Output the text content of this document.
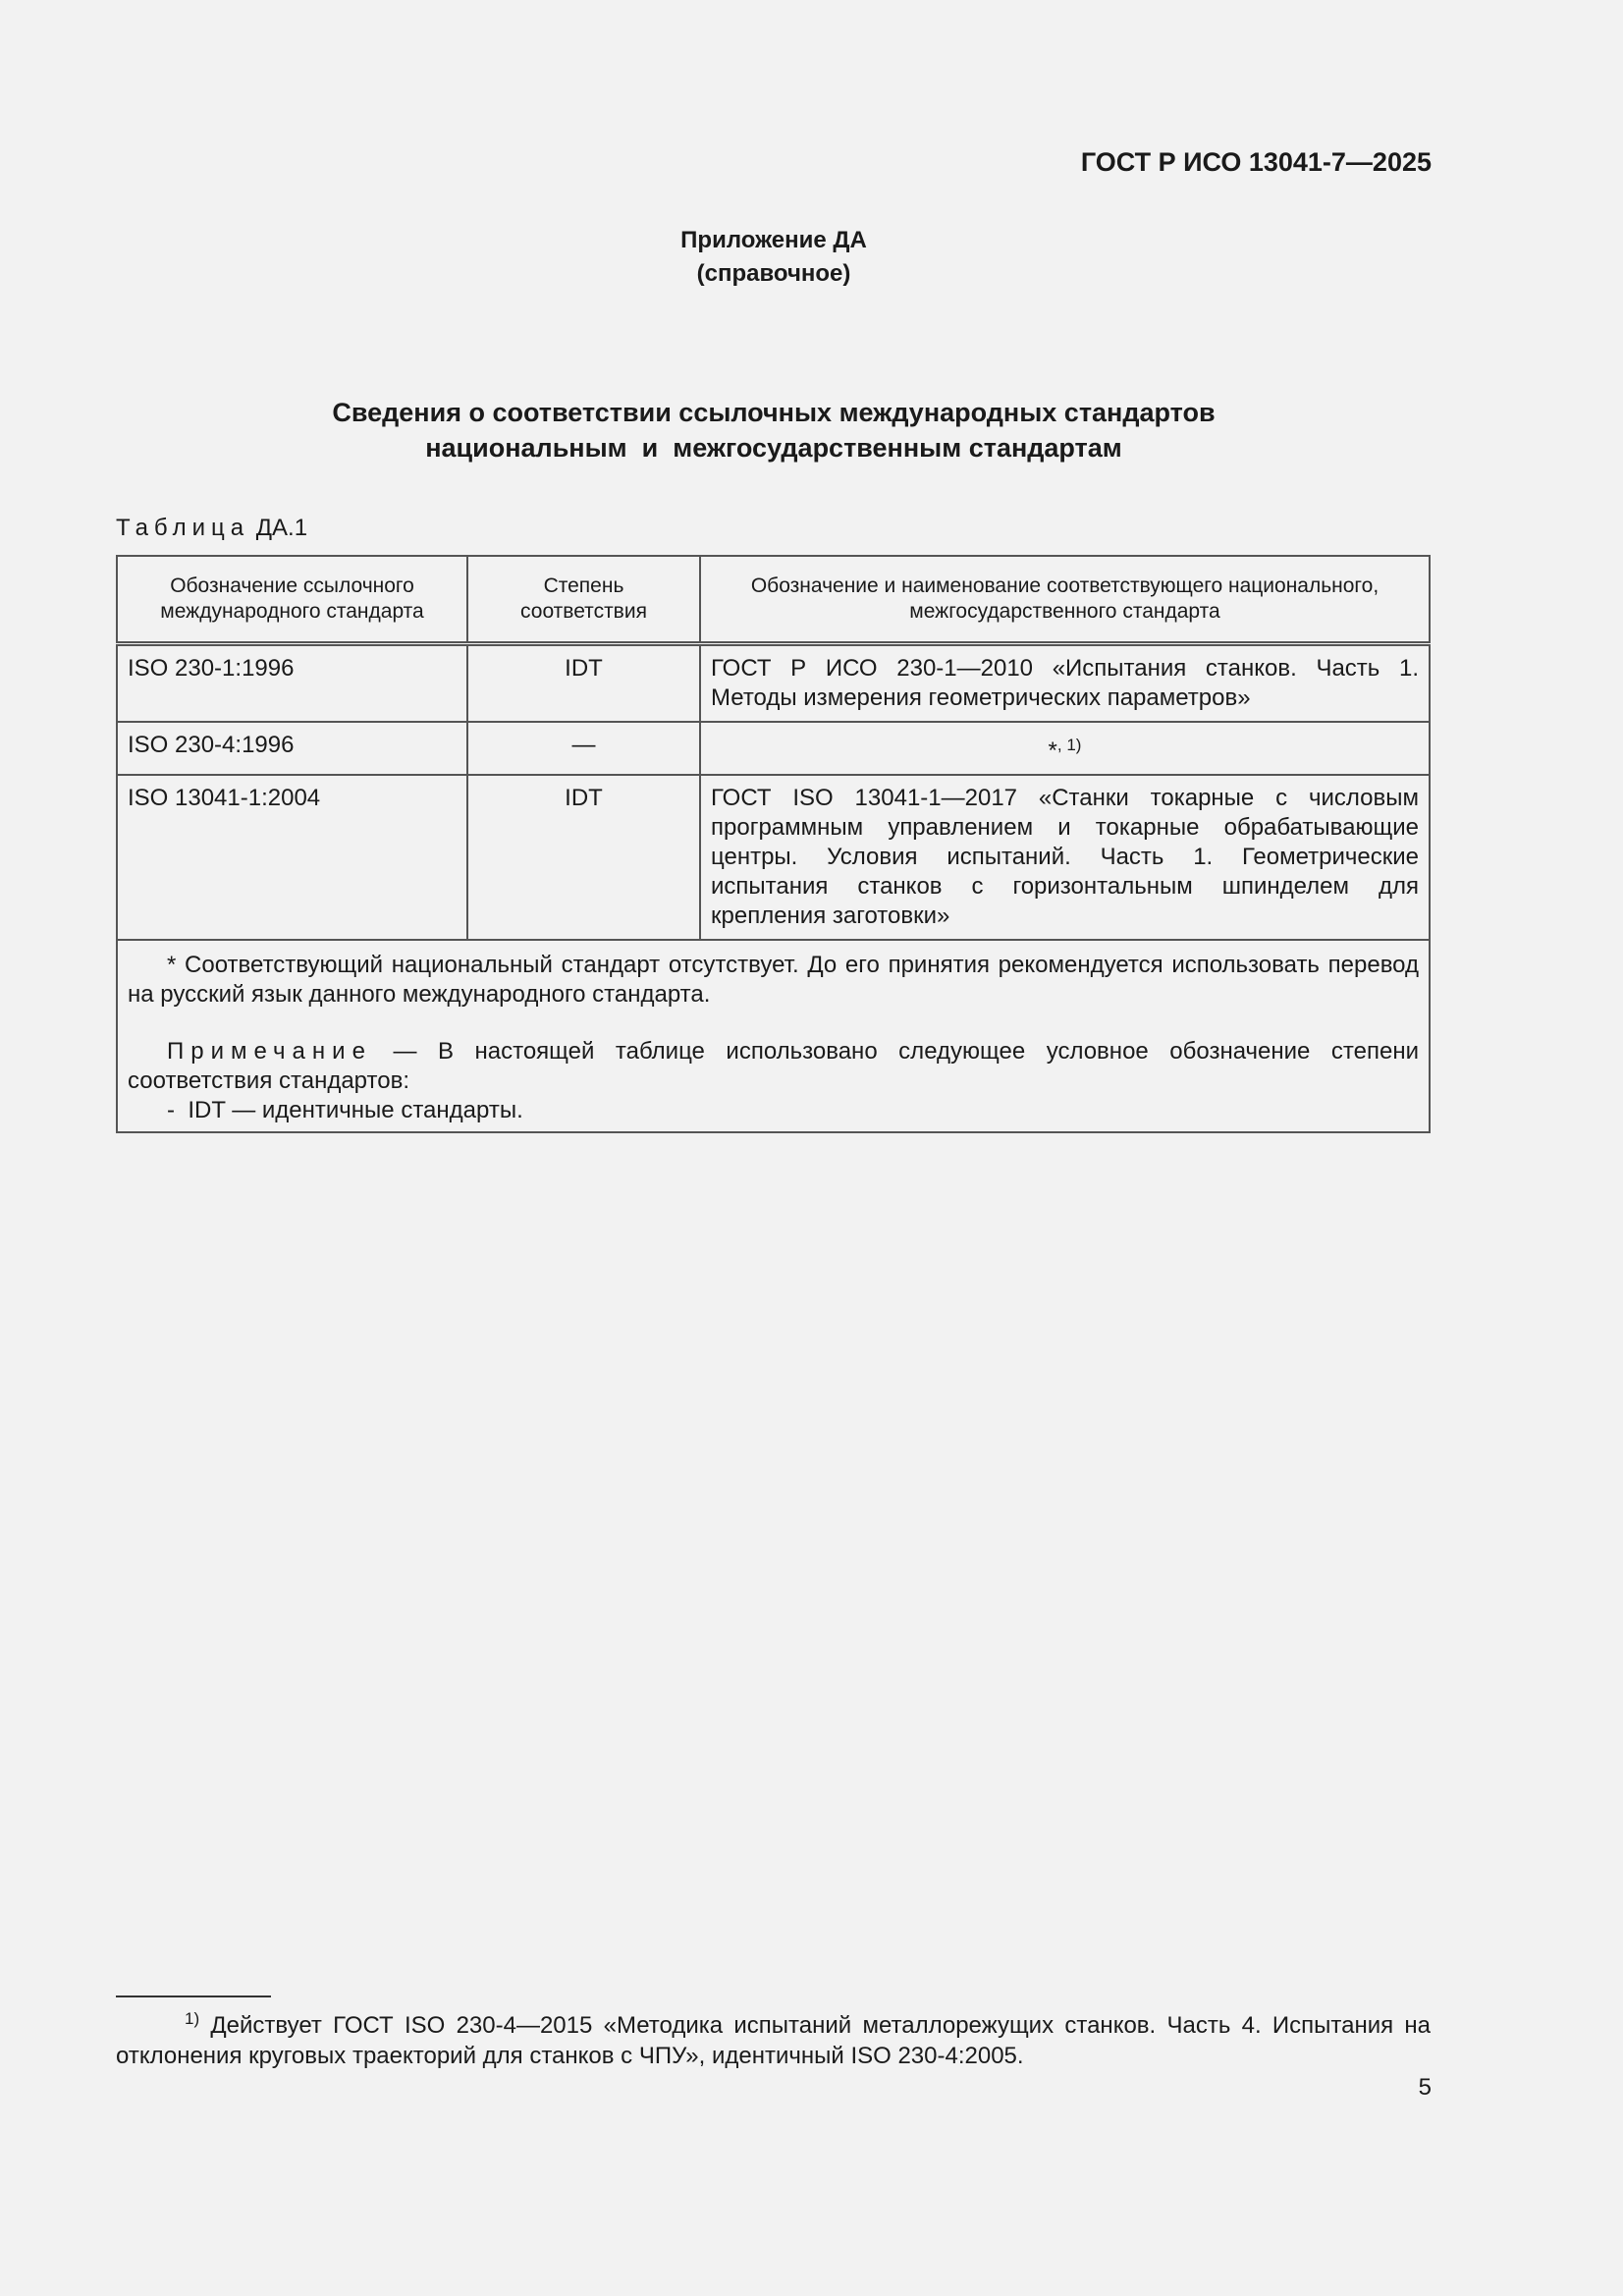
ГОСТ Р ИСО 13041-7—2025
Приложение ДА
(справочное)
Сведения о соответствии ссылочных международных стандартов
национальным  и  межгосударственным стандартам
Таблица ДА.1
Обозначение ссылочного международного стандарта	Степень соответствия	Обозначение и наименование соответствующего национального, межгосударственного стандарта
ISO 230-1:1996	IDT	ГОСТ Р ИСО 230-1—2010 «Испытания станков. Часть 1. Методы измерения геометрических параметров»
ISO 230-4:1996	—	*$^{, 1)}$
ISO 13041-1:2004	IDT	ГОСТ ISO 13041-1—2017 «Станки токарные с числовым программным управлением и токарные обрабатывающие центры. Условия испытаний. Часть 1. Геометрические испытания станков с горизонтальным шпинделем для крепления заготовки»

* Соответствующий национальный стандарт отсутствует. До его принятия рекомендуется использовать перевод на русский язык данного международного стандарта.

Примечание — В настоящей таблице использовано следующее условное обозначение степени соответствия стандартов:

-  IDT — идентичные стандарты.		

$^{1)}$ Действует ГОСТ ISO 230-4—2015 «Методика испытаний металлорежущих станков. Часть 4. Испытания на отклонения круговых траекторий для станков с ЧПУ», идентичный ISO 230-4:2005.
5
